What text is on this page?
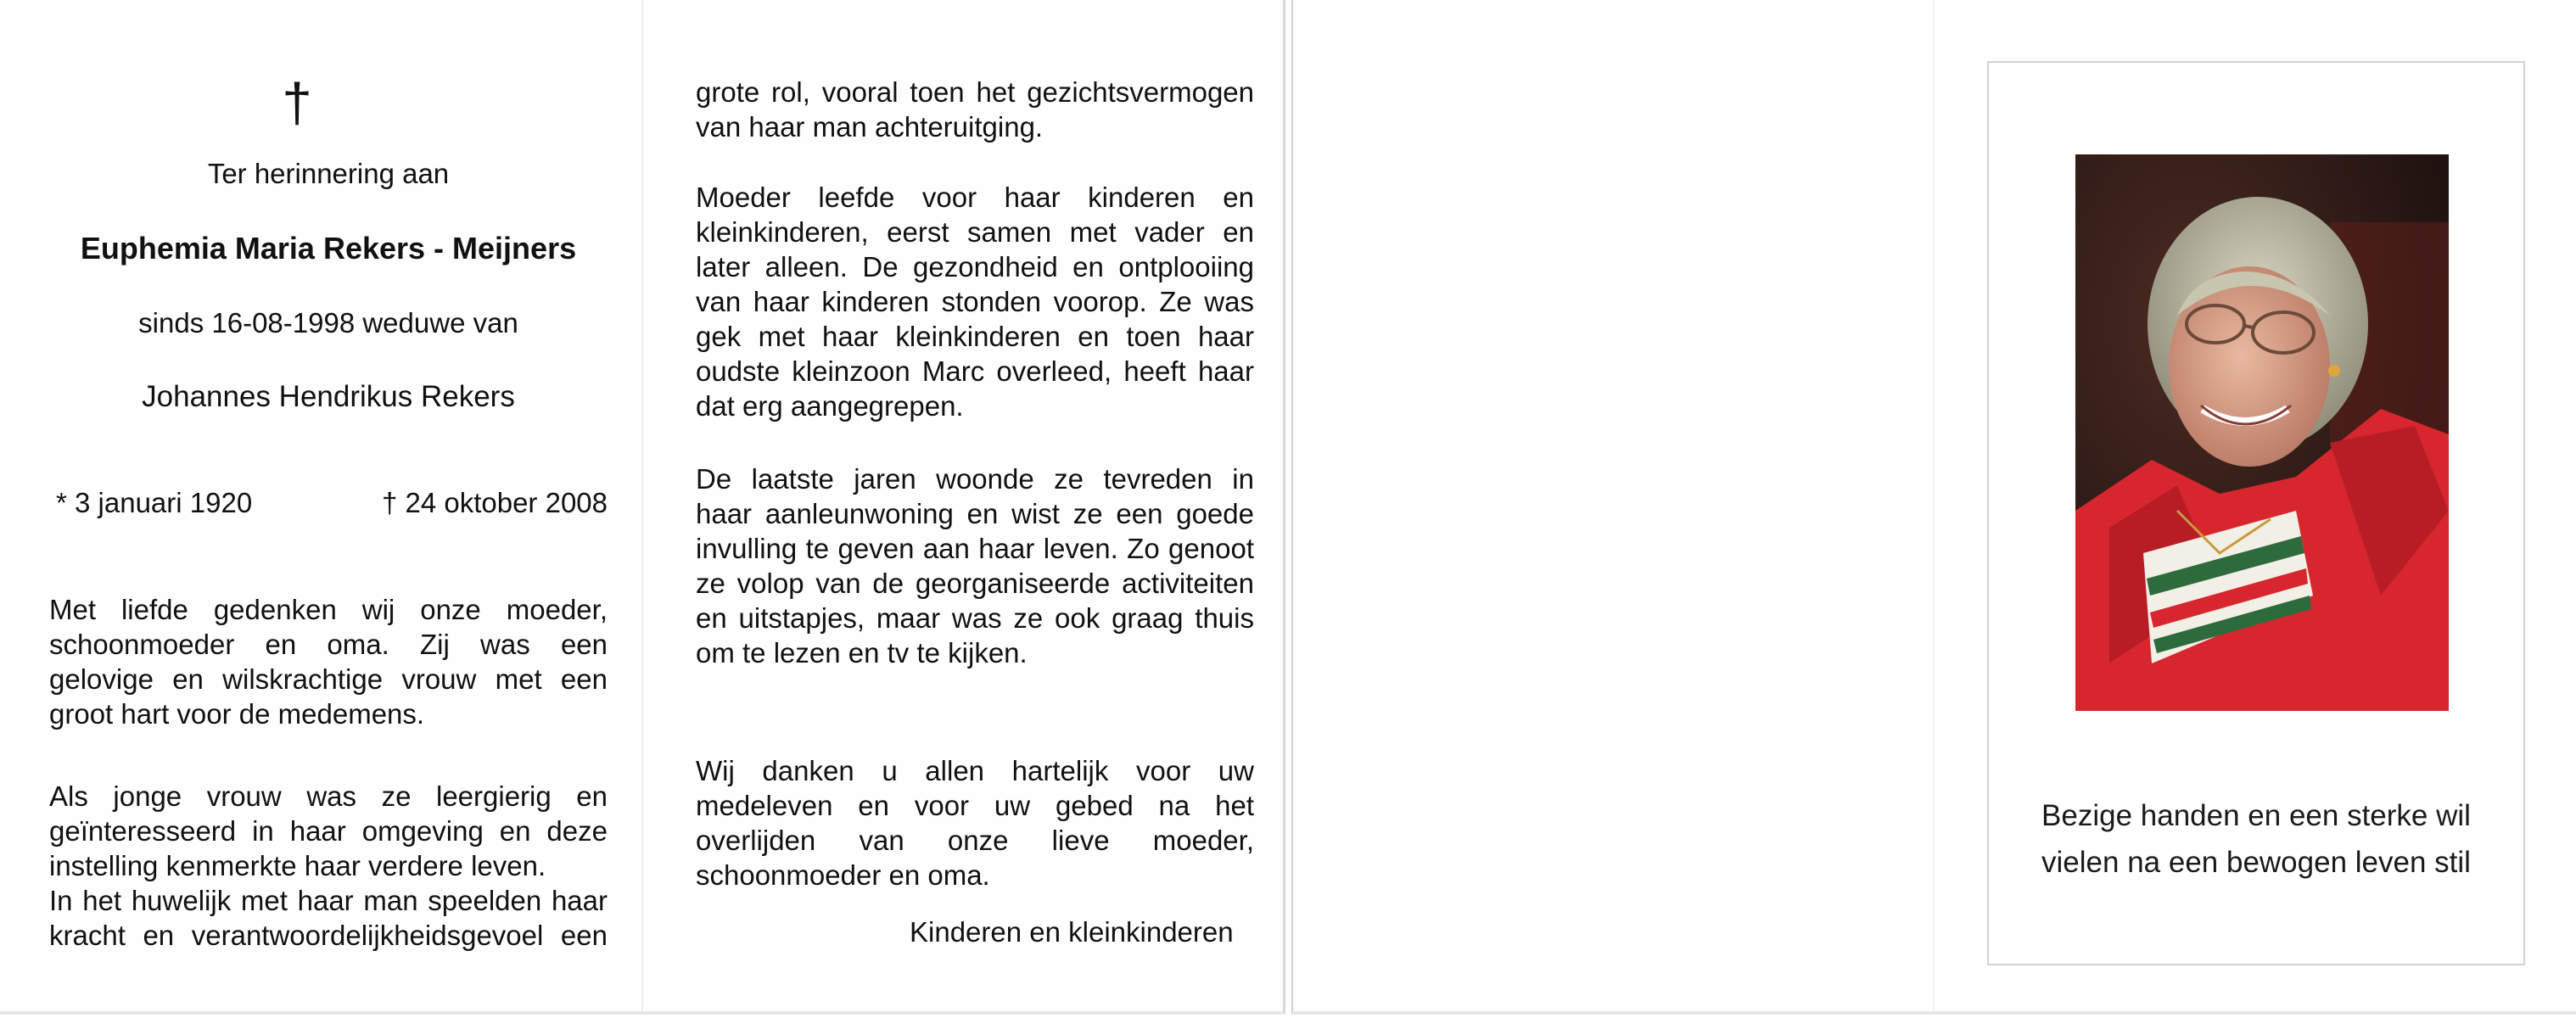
†
Ter herinnering aan
Euphemia Maria Rekers - Meijners
sinds 16-08-1998 weduwe van
Johannes Hendrikus Rekers
* 3 januari 1920	† 24 oktober 2008
Met liefde gedenken wij onze moeder,
schoonmoeder en oma. Zij was een
gelovige en wilskrachtige vrouw met een
groot hart voor de medemens.
Als jonge vrouw was ze leergierig en
geïnteresseerd in haar omgeving en deze
instelling kenmerkte haar verdere leven.
In het huwelijk met haar man speelden haar
kracht en verantwoordelijkheidsgevoel een
grote rol, vooral toen het gezichtsvermogen
van haar man achteruitging.
Moeder leefde voor haar kinderen en
kleinkinderen, eerst samen met vader en
later alleen. De gezondheid en ontplooiing
van haar kinderen stonden voorop. Ze was
gek met haar kleinkinderen en toen haar
oudste kleinzoon Marc overleed, heeft haar
dat erg aangegrepen.
De laatste jaren woonde ze tevreden in
haar aanleunwoning en wist ze een goede
invulling te geven aan haar leven. Zo genoot
ze volop van de georganiseerde activiteiten
en uitstapjes, maar was ze ook graag thuis
om te lezen en tv te kijken.
Wij danken u allen hartelijk voor uw
medeleven en voor uw gebed na het
overlijden van onze lieve moeder,
schoonmoeder en oma.
Kinderen en kleinkinderen
Bezige handen en een sterke wil
vielen na een bewogen leven stil
